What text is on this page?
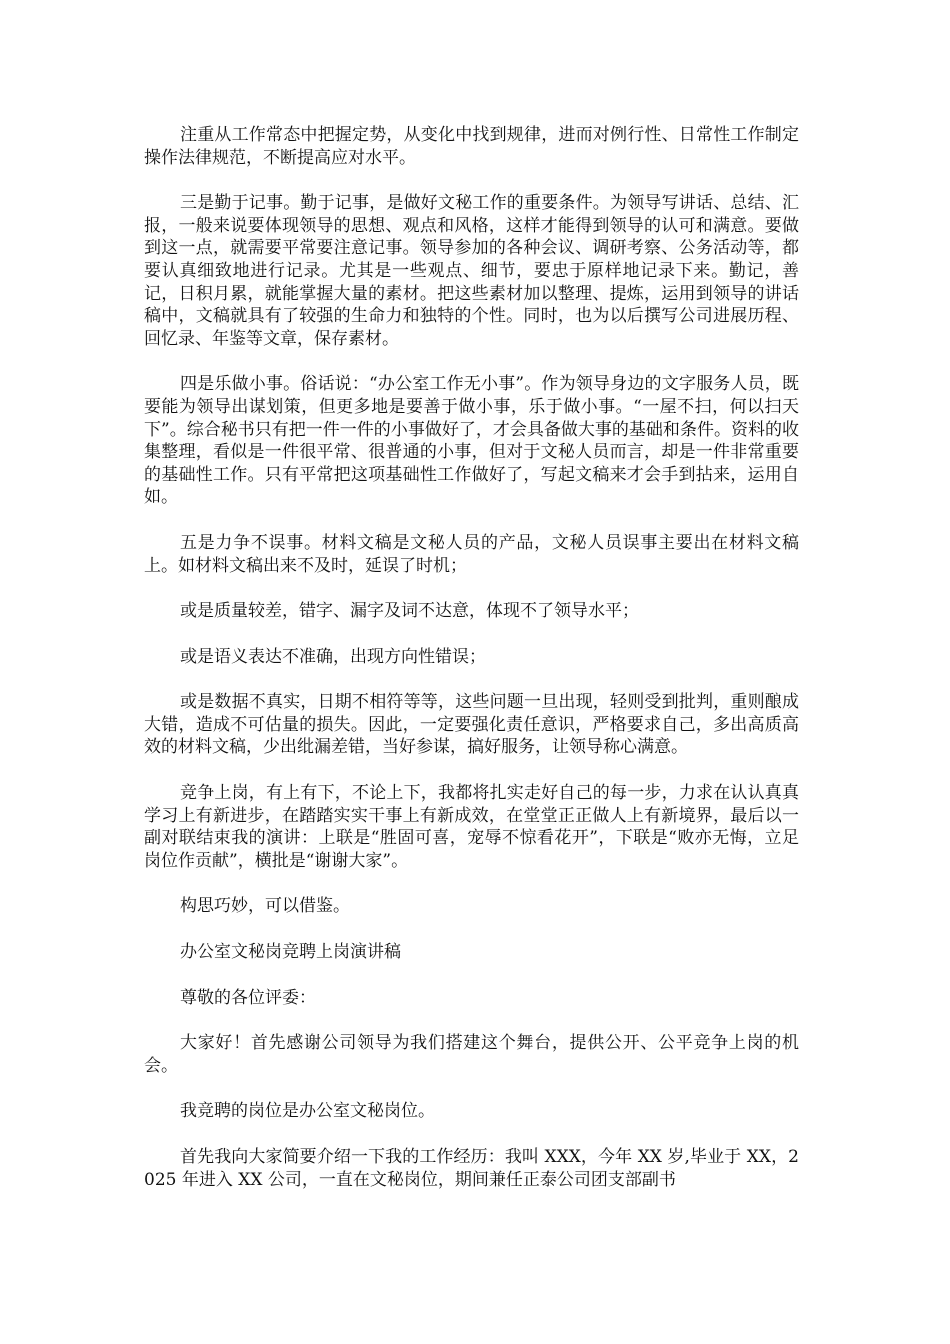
注重从工作常态中把握定势，从变化中找到规律，进而对例行性、日常性工作制定操作法律规范，不断提高应对水平。

三是勤于记事。勤于记事，是做好文秘工作的重要条件。为领导写讲话、总结、汇报，一般来说要体现领导的思想、观点和风格，这样才能得到领导的认可和满意。要做到这一点，就需要平常要注意记事。领导参加的各种会议、调研考察、公务活动等，都要认真细致地进行记录。尤其是一些观点、细节，要忠于原样地记录下来。勤记，善记，日积月累，就能掌握大量的素材。把这些素材加以整理、提炼，运用到领导的讲话稿中，文稿就具有了较强的生命力和独特的个性。同时，也为以后撰写公司进展历程、回忆录、年鉴等文章，保存素材。

四是乐做小事。俗话说：“办公室工作无小事”。作为领导身边的文字服务人员，既要能为领导出谋划策，但更多地是要善于做小事，乐于做小事。“一屋不扫，何以扫天下”。综合秘书只有把一件一件的小事做好了，才会具备做大事的基础和条件。资料的收集整理，看似是一件很平常、很普通的小事，但对于文秘人员而言，却是一件非常重要的基础性工作。只有平常把这项基础性工作做好了，写起文稿来才会手到拈来，运用自如。

五是力争不误事。材料文稿是文秘人员的产品，文秘人员误事主要出在材料文稿上。如材料文稿出来不及时，延误了时机；

或是质量较差，错字、漏字及词不达意，体现不了领导水平；

或是语义表达不准确，出现方向性错误；

或是数据不真实，日期不相符等等，这些问题一旦出现，轻则受到批判，重则酿成大错，造成不可估量的损失。因此，一定要强化责任意识，严格要求自己，多出高质高效的材料文稿，少出纰漏差错，当好参谋，搞好服务，让领导称心满意。

竞争上岗，有上有下，不论上下，我都将扎实走好自己的每一步，力求在认认真真学习上有新进步，在踏踏实实干事上有新成效，在堂堂正正做人上有新境界，最后以一副对联结束我的演讲：上联是“胜固可喜，宠辱不惊看花开”，下联是“败亦无悔，立足岗位作贡献”，横批是“谢谢大家”。

构思巧妙，可以借鉴。

办公室文秘岗竞聘上岗演讲稿

尊敬的各位评委：

大家好！首先感谢公司领导为我们搭建这个舞台，提供公开、公平竞争上岗的机会。

我竞聘的岗位是办公室文秘岗位。

首先我向大家简要介绍一下我的工作经历：我叫 XXX，今年 XX 岁,毕业于 XX，2025 年进入 XX 公司，一直在文秘岗位，期间兼任正泰公司团支部副书
